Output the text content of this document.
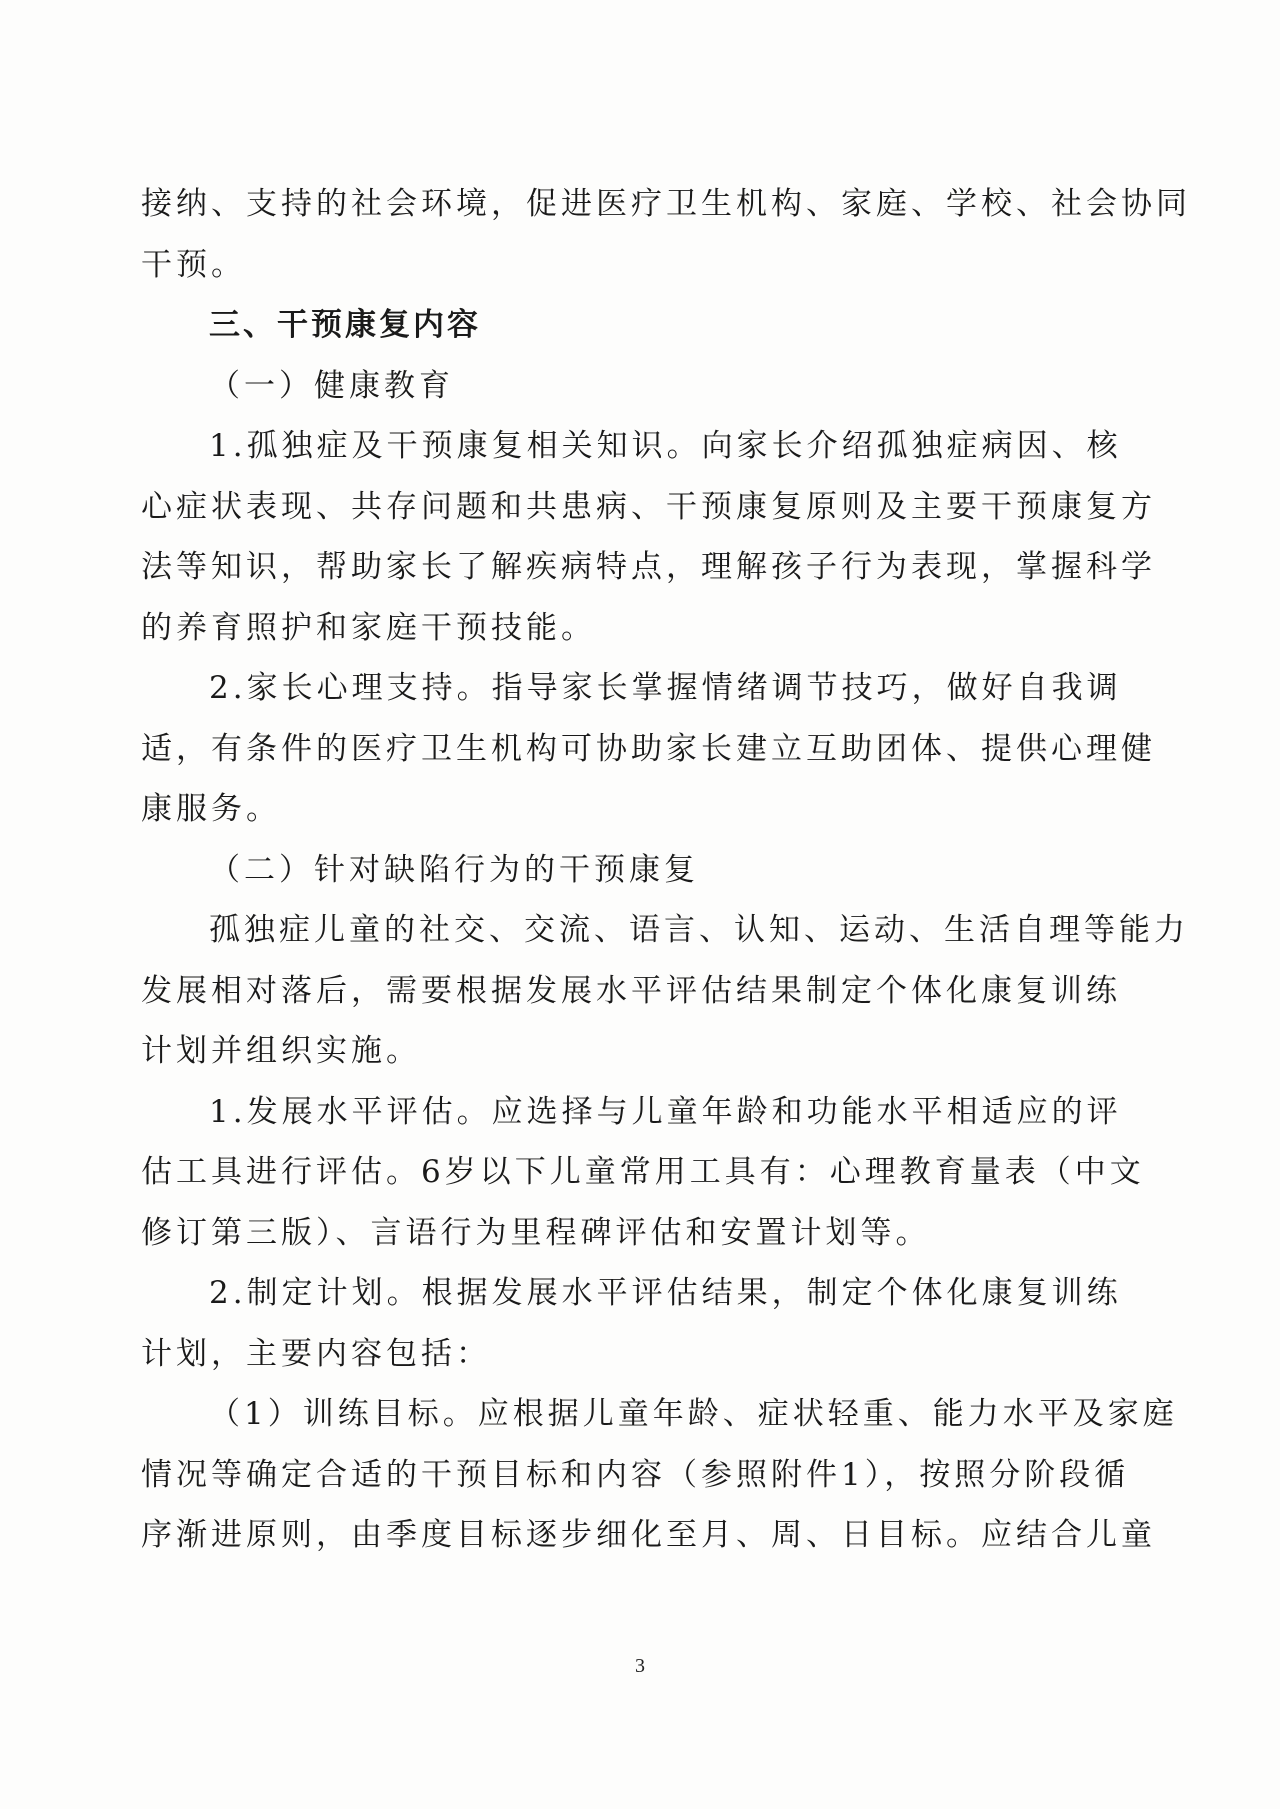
接纳、支持的社会环境，促进医疗卫生机构、家庭、学校、社会协同
干预。
三、干预康复内容
（一）健康教育
1.孤独症及干预康复相关知识。向家长介绍孤独症病因、核
心症状表现、共存问题和共患病、干预康复原则及主要干预康复方
法等知识，帮助家长了解疾病特点，理解孩子行为表现，掌握科学
的养育照护和家庭干预技能。
2.家长心理支持。指导家长掌握情绪调节技巧，做好自我调
适，有条件的医疗卫生机构可协助家长建立互助团体、提供心理健
康服务。
（二）针对缺陷行为的干预康复
孤独症儿童的社交、交流、语言、认知、运动、生活自理等能力
发展相对落后，需要根据发展水平评估结果制定个体化康复训练
计划并组织实施。
1.发展水平评估。应选择与儿童年龄和功能水平相适应的评
估工具进行评估。6岁以下儿童常用工具有：心理教育量表（中文
修订第三版）、言语行为里程碑评估和安置计划等。
2.制定计划。根据发展水平评估结果，制定个体化康复训练
计划，主要内容包括：
（1）训练目标。应根据儿童年龄、症状轻重、能力水平及家庭
情况等确定合适的干预目标和内容（参照附件1），按照分阶段循
序渐进原则，由季度目标逐步细化至月、周、日目标。应结合儿童
3
